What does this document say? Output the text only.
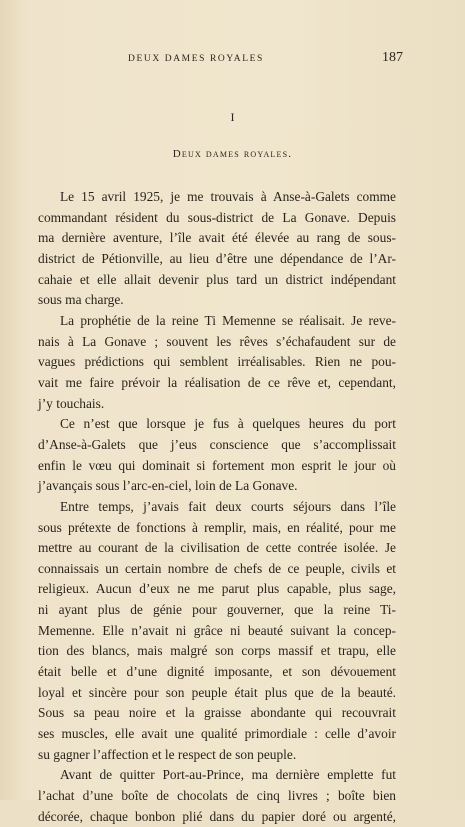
DEUX DAMES ROYALES	187
I
Deux dames royales.
Le 15 avril 1925, je me trouvais à Anse-à-Galets comme
commandant résident du sous-district de La Gonave. Depuis
ma dernière aventure, l’île avait été élevée au rang de sous-
district de Pétionville, au lieu d’être une dépendance de l’Ar-
cahaie et elle allait devenir plus tard un district indépendant
sous ma charge.
La prophétie de la reine Ti Memenne se réalisait. Je reve-
nais à La Gonave ; souvent les rêves s’échafaudent sur de
vagues prédictions qui semblent irréalisables. Rien ne pou-
vait me faire prévoir la réalisation de ce rêve et, cependant,
j’y touchais.
Ce n’est que lorsque je fus à quelques heures du port
d’Anse-à-Galets que j’eus conscience que s’accomplissait
enfin le vœu qui dominait si fortement mon esprit le jour où
j’avançais sous l’arc-en-ciel, loin de La Gonave.
Entre temps, j’avais fait deux courts séjours dans l’île
sous prétexte de fonctions à remplir, mais, en réalité, pour me
mettre au courant de la civilisation de cette contrée isolée. Je
connaissais un certain nombre de chefs de ce peuple, civils et
religieux. Aucun d’eux ne me parut plus capable, plus sage,
ni ayant plus de génie pour gouverner, que la reine Ti-
Memenne. Elle n’avait ni grâce ni beauté suivant la concep-
tion des blancs, mais malgré son corps massif et trapu, elle
était belle et d’une dignité imposante, et son dévouement
loyal et sincère pour son peuple était plus que de la beauté.
Sous sa peau noire et la graisse abondante qui recouvrait
ses muscles, elle avait une qualité primordiale : celle d’avoir
su gagner l’affection et le respect de son peuple.
Avant de quitter Port-au-Prince, ma dernière emplette fut
l’achat d’une boîte de chocolats de cinq livres ; boîte bien
décorée, chaque bonbon plié dans du papier doré ou argenté,
